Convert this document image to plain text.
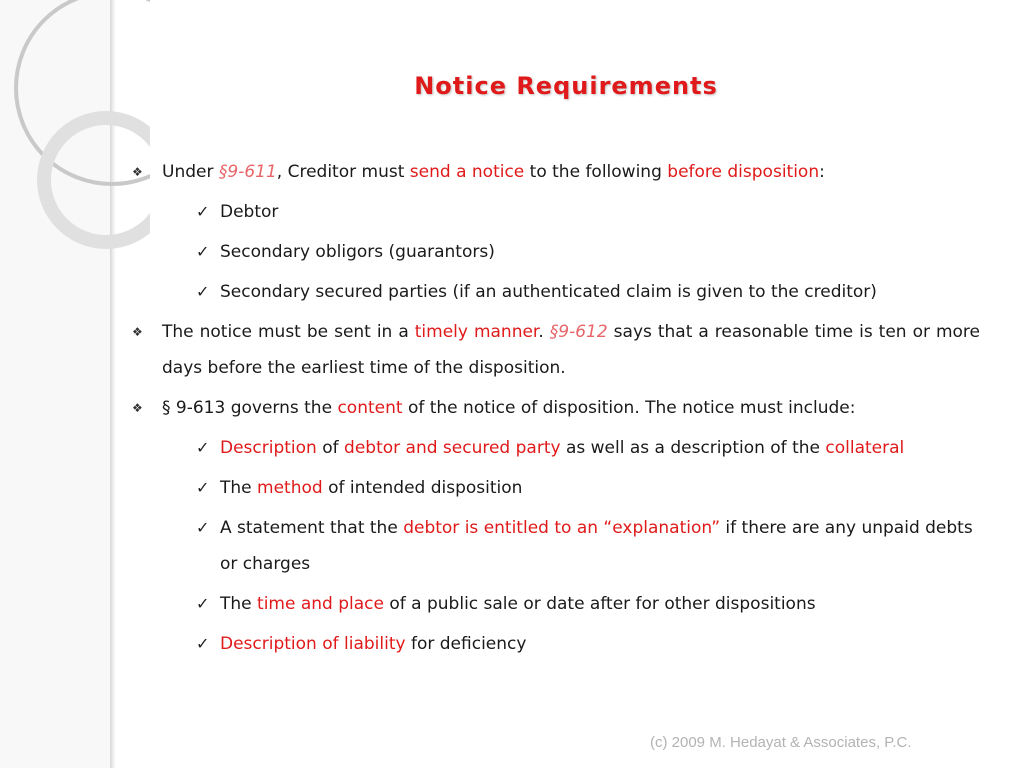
Notice Requirements
❖ Under §9-611, Creditor must send a notice to the following before disposition:
✓ Debtor
✓ Secondary obligors (guarantors)
✓ Secondary secured parties (if an authenticated claim is given to the creditor)
❖ The notice must be sent in a timely manner. §9-612 says that a reasonable time is ten or more days before the earliest time of the disposition.
❖ § 9-613 governs the content of the notice of disposition. The notice must include:
✓ Description of debtor and secured party as well as a description of the collateral
✓ The method of intended disposition
✓ A statement that the debtor is entitled to an “explanation” if there are any unpaid debts or charges
✓ The time and place of a public sale or date after for other dispositions
✓ Description of liability for deficiency
(c) 2009 M. Hedayat & Associates, P.C.
